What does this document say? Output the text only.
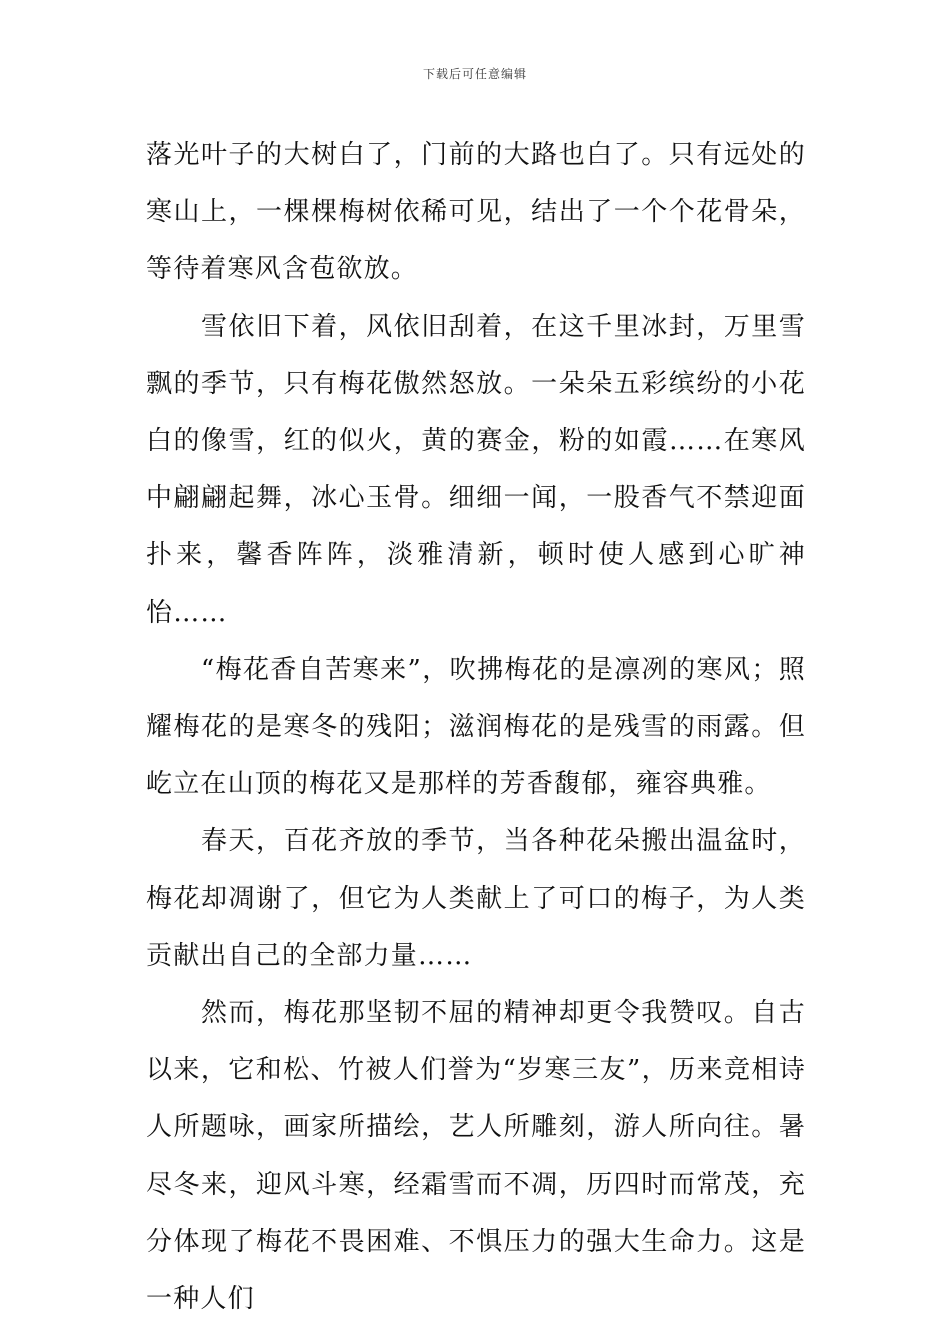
下载后可任意编辑

落光叶子的大树白了，门前的大路也白了。只有远处的寒山上，一棵棵梅树依稀可见，结出了一个个花骨朵，等待着寒风含苞欲放。

　　雪依旧下着，风依旧刮着，在这千里冰封，万里雪飘的季节，只有梅花傲然怒放。一朵朵五彩缤纷的小花白的像雪，红的似火，黄的赛金，粉的如霞……在寒风中翩翩起舞，冰心玉骨。细细一闻，一股香气不禁迎面扑来，馨香阵阵，淡雅清新，顿时使人感到心旷神怡……

　　“梅花香自苦寒来”，吹拂梅花的是凛冽的寒风；照耀梅花的是寒冬的残阳；滋润梅花的是残雪的雨露。但屹立在山顶的梅花又是那样的芳香馥郁，雍容典雅。

　　春天，百花齐放的季节，当各种花朵搬出温盆时，梅花却凋谢了，但它为人类献上了可口的梅子，为人类贡献出自己的全部力量……

　　然而，梅花那坚韧不屈的精神却更令我赞叹。自古以来，它和松、竹被人们誉为“岁寒三友”，历来竞相诗人所题咏，画家所描绘，艺人所雕刻，游人所向往。暑尽冬来，迎风斗寒，经霜雪而不凋，历四时而常茂，充分体现了梅花不畏困难、不惧压力的强大生命力。这是一种人们
